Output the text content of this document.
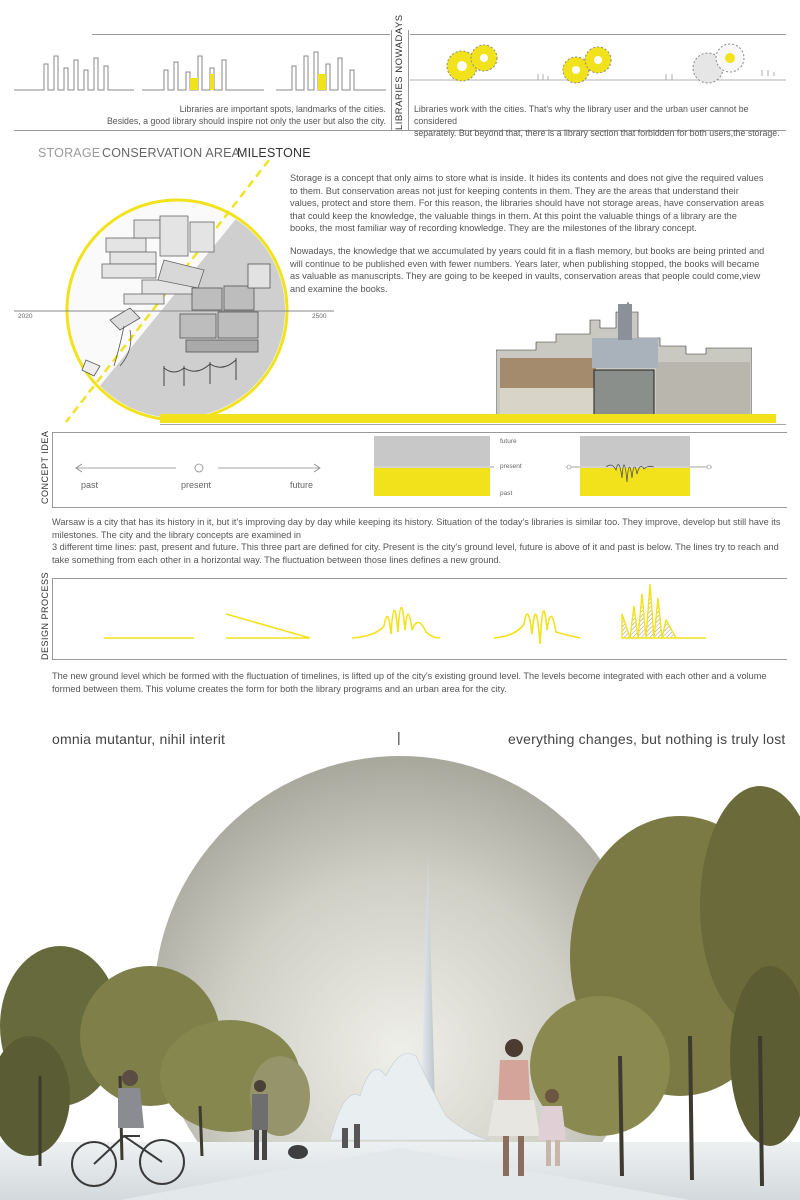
Libraries are important spots, landmarks of the cities.
Besides, a good library should inspire not only the user but also the city. LIBRARIES NOWADAYS Libraries work with the cities. That's why the library user and the urban user cannot be considered
separately. But beyond that, there is a library section that forbidden for both users,the storage.
STORAGE CONSERVATION AREA
MILESTONE
2020	2500

Storage is a concept that only aims to store what is inside. It hides its contents and does not give the required values to them. But conservation areas not just for keeping contents in them. They are the areas that understand their values, protect and store them. For this reason, the libraries should have not storage areas, have conservation areas that could keep the knowledge, the valuable things in them. At this point the valuable things of a library are the books, the most familiar way of recording knowledge. They are the milestones of the library concept.

Nowadays, the knowledge that we accumulated by years could fit in a flash memory, but books are being printed and will continue to be published even with fewer numbers. Years later, when publishing stopped, the books will became as valuable as manuscripts. They are going to be keeped in vaults, conservation areas that people could come,view and examine the books.

CONCEPT IDEA	past	present	future
future
present
past
Warsaw is a city that has its history in it, but it's improving day by day while keeping its history. Situation of the today's libraries is similar too. They improve, develop but still have its milestones. The city and the library concepts are examined in
3 different time lines: past, present and future. This three part are defined for city. Present is the city's ground level, future is above of it and past is below. The lines try to reach and take something from each other in a horizontal way. The fluctuation between those lines defines a new ground.
DESIGN PROCESS
The new ground level which be formed with the fluctuation of timelines, is lifted up of the city's existing ground level. The levels become integrated with each other and a volume formed between them. This volume creates the form for both the library programs and an urban area for the city.
omnia mutantur, nihil interit	|	everything changes, but nothing is truly lost
